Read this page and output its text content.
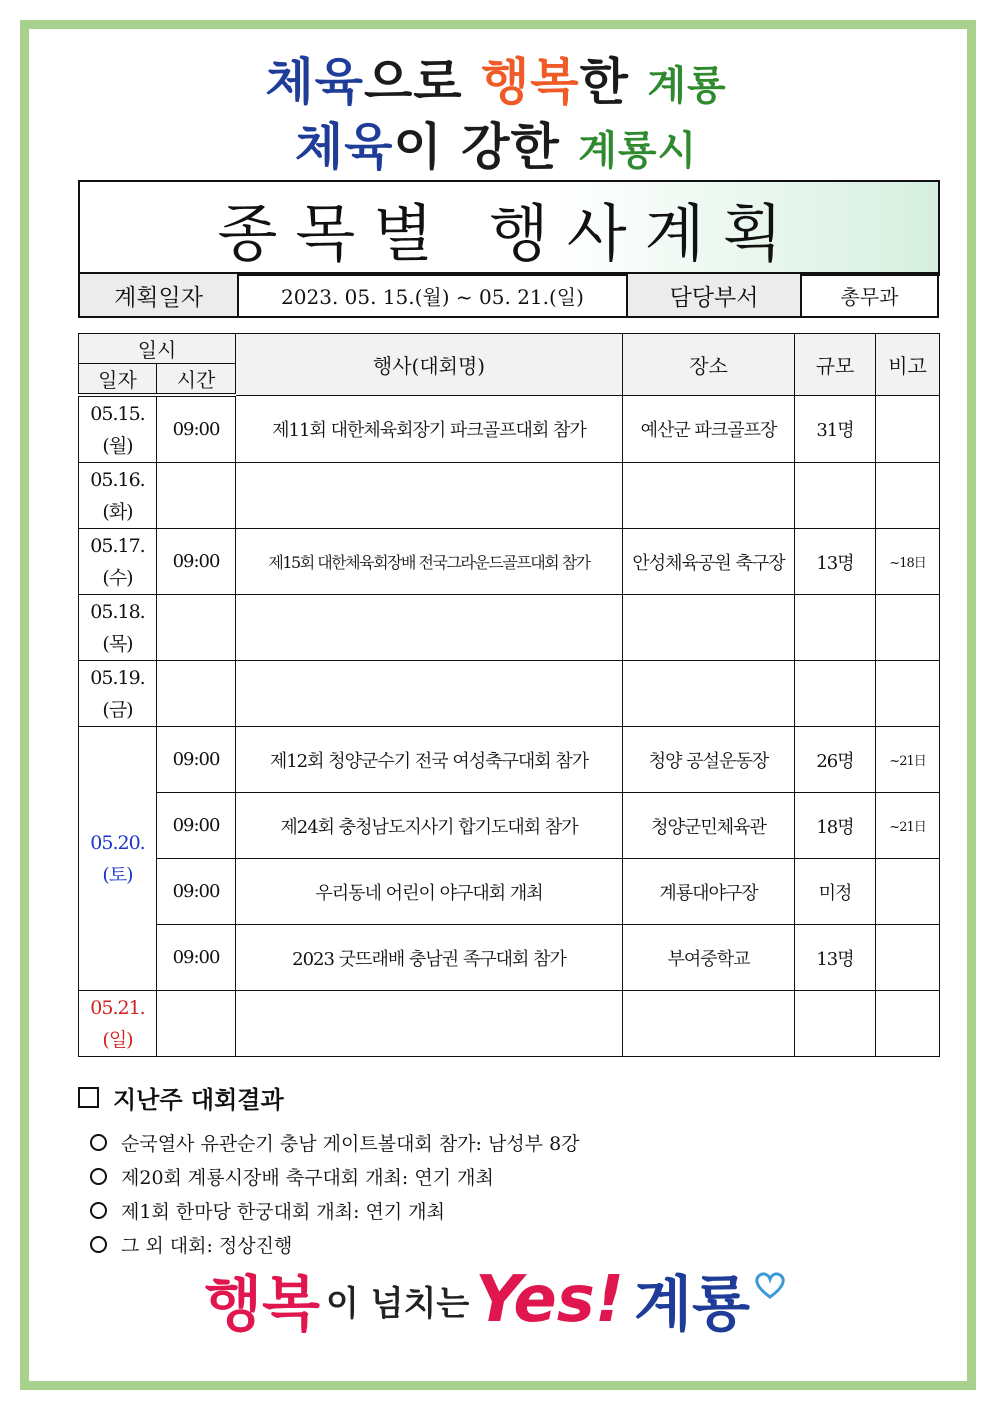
체육으로 행복한 계룡
체육이 강한 계룡시
종목별 행사계획
계획일자	2023. 05. 15.(월) ~ 05. 21.(일)	담당부서	총무과
일시		행사(대회명)	장소	규모	비고
일자	시간				
05.15.
(월)	09:00	제11회 대한체육회장기 파크골프대회 참가	예산군 파크골프장	31명	
05.16.
(화)					
05.17.
(수)	09:00	제15회 대한체육회장배 전국그라운드골프대회 참가	안성체육공원 축구장	13명	~18日
05.18.
(목)					
05.19.
(금)					
05.20.
(토)	09:00	제12회 청양군수기 전국 여성축구대회 참가	청양 공설운동장	26명	~21日
	09:00	제24회 충청남도지사기 합기도대회 참가	청양군민체육관	18명	~21日
	09:00	우리동네 어린이 야구대회 개최	계룡대야구장	미정	
	09:00	2023 굿뜨래배 충남권 족구대회 참가	부여중학교	13명	
05.21.
(일)					
지난주 대회결과
순국열사 유관순기 충남 게이트볼대회 참가: 남성부 8강
제20회 계룡시장배 축구대회 개최: 연기 개최
제1회 한마당 한궁대회 개최: 연기 개최
그 외 대회: 정상진행
행복 이 넘치는 Yes! 계룡
